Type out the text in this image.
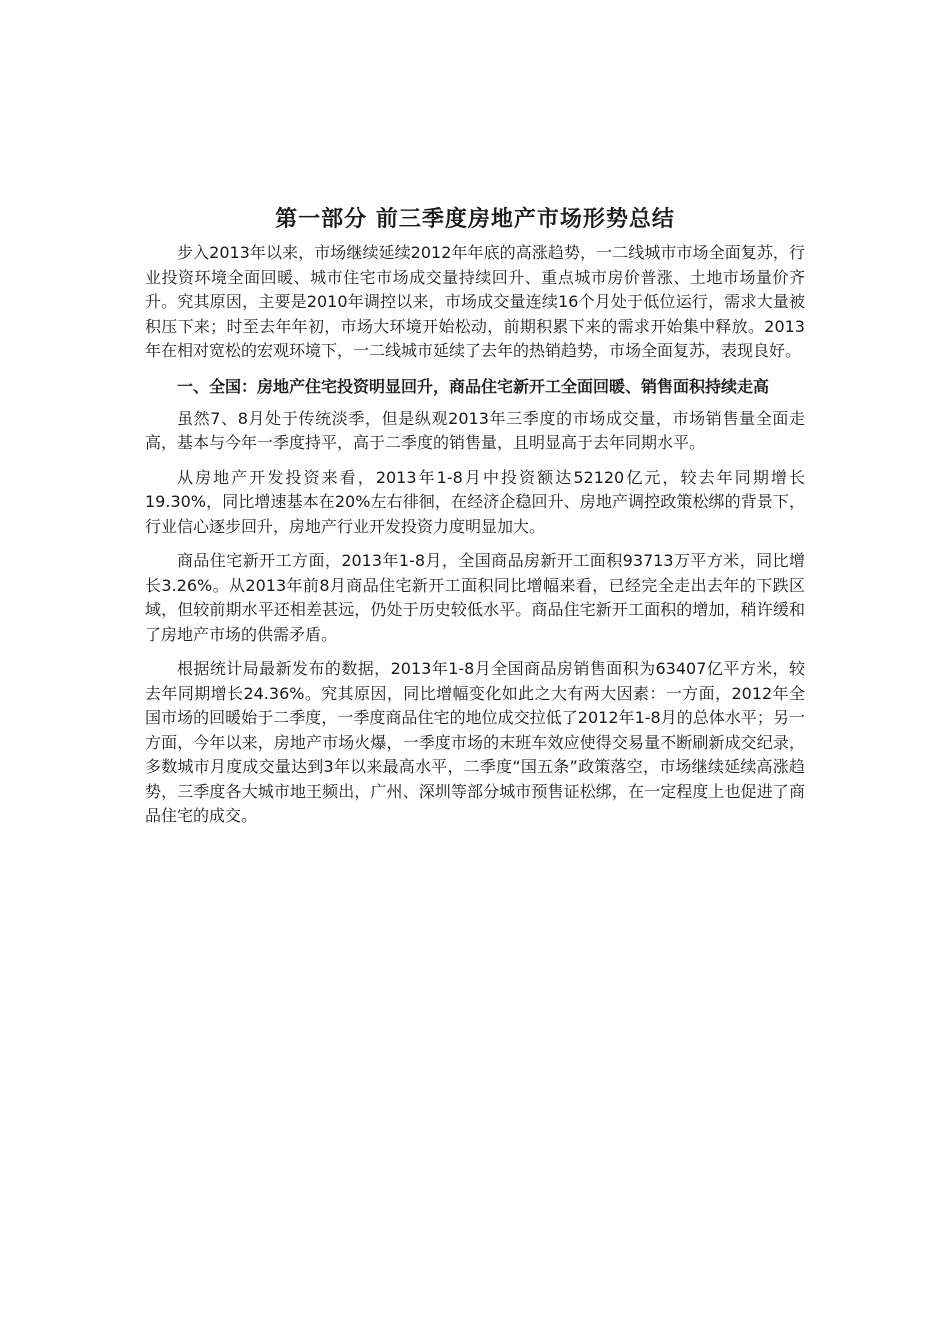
第一部分 前三季度房地产市场形势总结

步入2013年以来，市场继续延续2012年年底的高涨趋势，一二线城市市场全面复苏，行业投资环境全面回暖、城市住宅市场成交量持续回升、重点城市房价普涨、土地市场量价齐升。究其原因，主要是2010年调控以来，市场成交量连续16个月处于低位运行，需求大量被积压下来；时至去年年初，市场大环境开始松动，前期积累下来的需求开始集中释放。2013年在相对宽松的宏观环境下，一二线城市延续了去年的热销趋势，市场全面复苏，表现良好。

一、全国：房地产住宅投资明显回升，商品住宅新开工全面回暖、销售面积持续走高

虽然7、8月处于传统淡季，但是纵观2013年三季度的市场成交量，市场销售量全面走高，基本与今年一季度持平，高于二季度的销售量，且明显高于去年同期水平。

从房地产开发投资来看，2013年1-8月中投资额达52120亿元，较去年同期增长19.30%，同比增速基本在20%左右徘徊，在经济企稳回升、房地产调控政策松绑的背景下，行业信心逐步回升，房地产行业开发投资力度明显加大。

商品住宅新开工方面，2013年1-8月，全国商品房新开工面积93713万平方米，同比增长3.26%。从2013年前8月商品住宅新开工面积同比增幅来看，已经完全走出去年的下跌区域，但较前期水平还相差甚远，仍处于历史较低水平。商品住宅新开工面积的增加，稍许缓和了房地产市场的供需矛盾。

根据统计局最新发布的数据，2013年1-8月全国商品房销售面积为63407亿平方米，较去年同期增长24.36%。究其原因，同比增幅变化如此之大有两大因素：一方面，2012年全国市场的回暖始于二季度，一季度商品住宅的地位成交拉低了2012年1-8月的总体水平；另一方面，今年以来，房地产市场火爆，一季度市场的末班车效应使得交易量不断刷新成交纪录，多数城市月度成交量达到3年以来最高水平，二季度“国五条”政策落空，市场继续延续高涨趋势，三季度各大城市地王频出，广州、深圳等部分城市预售证松绑，在一定程度上也促进了商品住宅的成交。
